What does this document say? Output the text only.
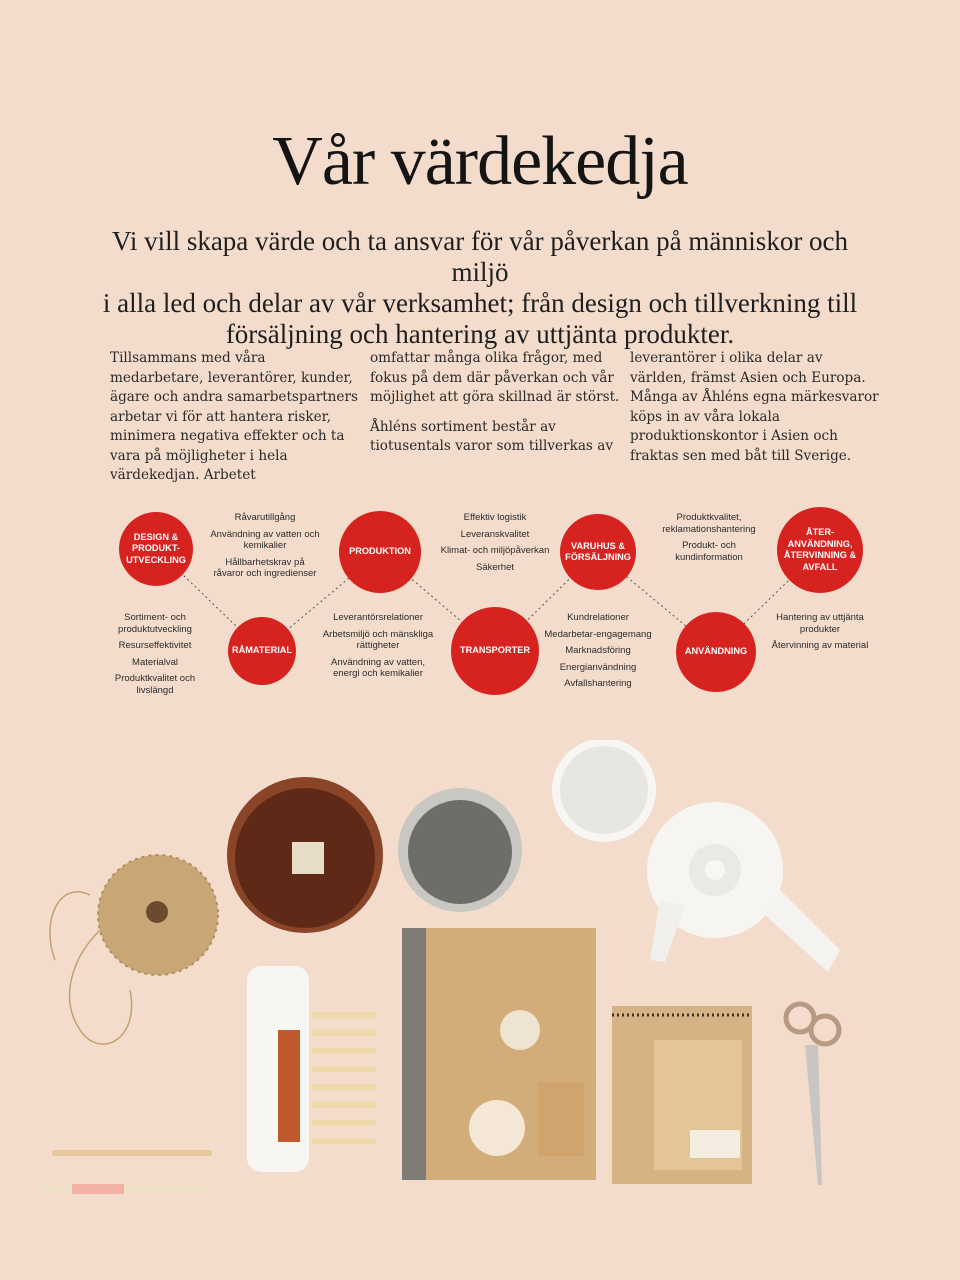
Vår värdekedja
Vi vill skapa värde och ta ansvar för vår påverkan på människor och miljö
i alla led och delar av vår verksamhet; från design och tillverkning till
försäljning och hantering av uttjänta produkter.

Tillsammans med våra medarbetare, leverantörer, kunder, ägare och andra samarbetspartners arbetar vi för att hantera risker, minimera negativa effekter och ta vara på möjligheter i hela värdekedjan. Arbetet

omfattar många olika frågor, med fokus på dem där påverkan och vår möjlighet att göra skillnad är störst.

Åhléns sortiment består av tiotusentals varor som tillverkas av

leverantörer i olika delar av världen, främst Asien och Europa. Många av Åhléns egna märkesvaror köps in av våra lokala produktionskontor i Asien och fraktas sen med båt till Sverige.

DESIGN & PRODUKT-UTVECKLING
RÅMATERIAL
PRODUKTION
TRANSPORTER
VARUHUS & FÖRSÄLJNING
ANVÄNDNING
ÅTER-ANVÄNDNING, ÅTERVINNING & AVFALL
Sortiment- och produktutveckling
Resurseffektivitet
Materialval
Produktkvalitet och livslängd
Råvarutillgång
Användning av vatten och kemikalier
Hållbarhetskrav på råvaror och ingredienser
Leverantörsrelationer
Arbetsmiljö och mänskliga rättigheter
Användning av vatten, energi och kemikalier
Effektiv logistik
Leveranskvalitet
Klimat- och miljöpåverkan
Säkerhet
Kundrelationer
Medarbetar-engagemang
Marknadsföring
Energianvändning
Avfallshantering
Produktkvalitet, reklamationshantering
Produkt- och kundinformation
Hantering av uttjänta produkter
Återvinning av material
